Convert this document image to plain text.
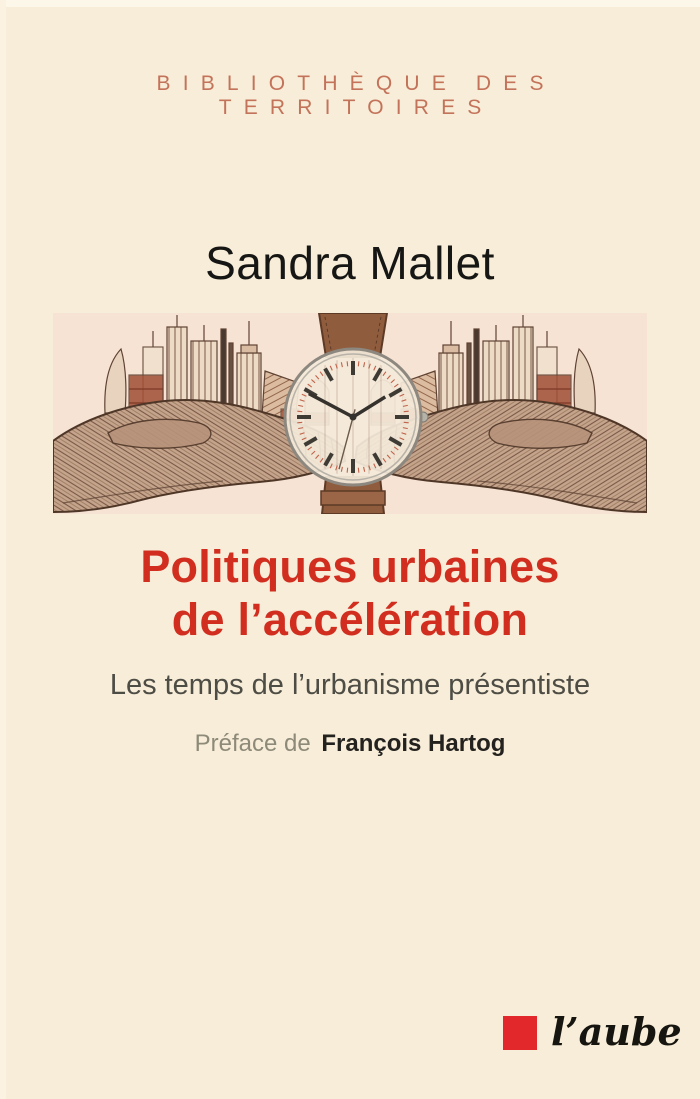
BIBLIOTHÈQUE DES TERRITOIRES
Sandra Mallet
Politiques urbaines
de l’accélération
Les temps de l’urbanisme présentiste
Préface de François Hartog
l’aube
